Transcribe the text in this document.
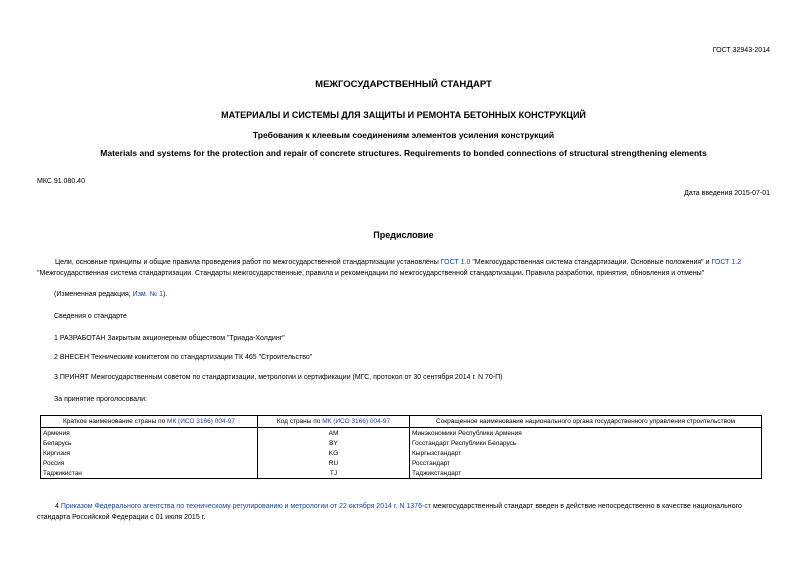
ГОСТ 32943-2014
МЕЖГОСУДАРСТВЕННЫЙ СТАНДАРТ
МАТЕРИАЛЫ И СИСТЕМЫ ДЛЯ ЗАЩИТЫ И РЕМОНТА БЕТОННЫХ КОНСТРУКЦИЙ
Требования к клеевым соединениям элементов усиления конструкций
Materials and systems for the protection and repair of concrete structures. Requirements to bonded connections of structural strengthening elements
МКС 91.080.40
Дата введения 2015-07-01
Предисловие
Цели, основные принципы и общие правила проведения работ по межгосударственной стандартизации установлены ГОСТ 1.0 "Межгосударственная система стандартизации. Основные положения" и ГОСТ 1.2 "Межгосударственная система стандартизации. Стандарты межгосударственные, правила и рекомендации по межгосударственной стандартизации. Правила разработки, принятия, обновления и отмены"
(Измененная редакция, Изм. № 1).
Сведения о стандарте
1 РАЗРАБОТАН Закрытым акционерным обществом "Триада-Холдинг"
2 ВНЕСЕН Техническим комитетом по стандартизации ТК 465 "Строительство"
3 ПРИНЯТ Межгосударственным советом по стандартизации, метрологии и сертификации (МГС, протокол от 30 сентября 2014 г. N 70-П)
За принятие проголосовали:
Краткое наименование страны по МК (ИСО 3166) 004-97	Код страны по МК (ИСО 3166) 004-97	Сокращенное наименование национального органа государственного управления строительством
Армения	AM	Минэкономики Республики Армения
Беларусь	BY	Госстандарт Республики Беларусь
Киргизия	KG	Кыргызстандарт
Россия	RU	Росстандарт
Таджикистан	TJ	Таджикстандарт
4 Приказом Федерального агентства по техническому регулированию и метрологии от 22 октября 2014 г. N 1376-ст межгосударственный стандарт введен в действие непосредственно в качестве национального стандарта Российской Федерации с 01 июля 2015 г.
